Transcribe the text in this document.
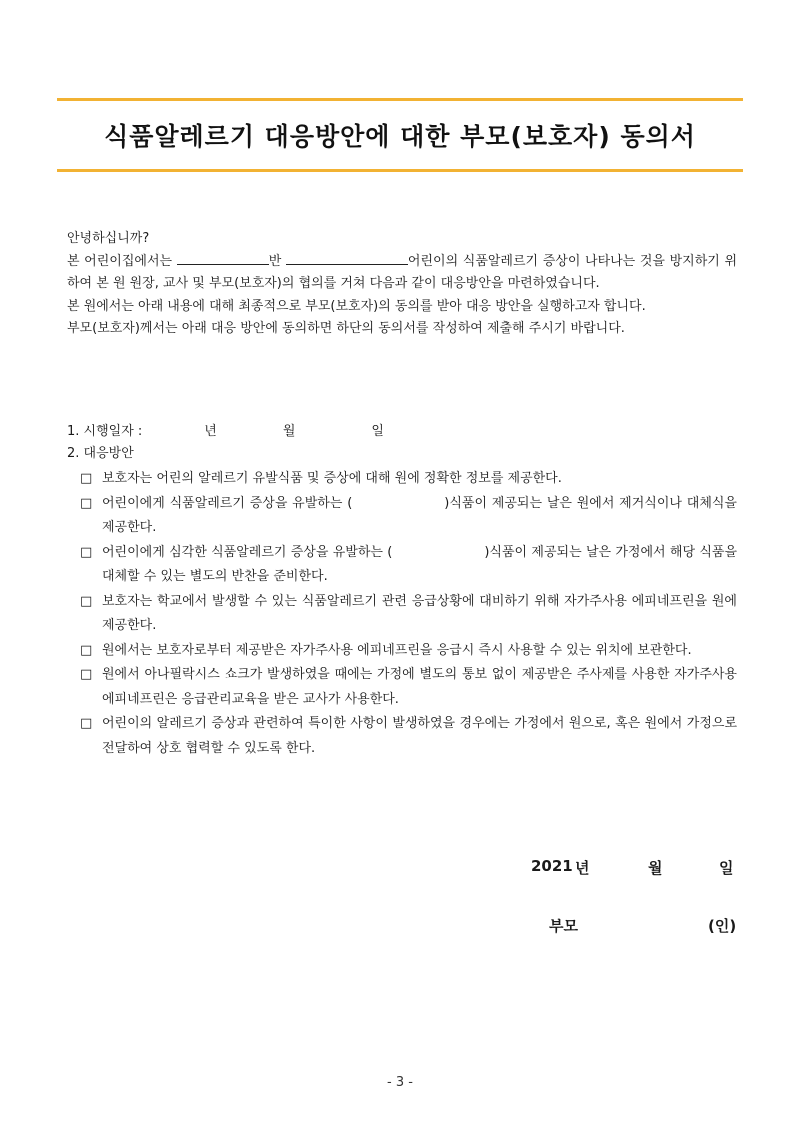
식품알레르기 대응방안에 대한 부모(보호자) 동의서

안녕하십니까?

본 어린이집에서는	반	어린이의 식품알레르기 증상이 나타나는 것을 방지하기 위하여 본 원 원장, 교사 및 부모(보호자)의 협의를 거쳐 다음과 같이 대응방안을 마련하였습니다.

본 원에서는 아래 내용에 대해 최종적으로 부모(보호자)의 동의를 받아 대응 방안을 실행하고자 합니다.

부모(보호자)께서는 아래 대응 방안에 동의하면 하단의 동의서를 작성하여 제출해 주시기 바랍니다.

1. 시행일자 :	년	월	일
2. 대응방안
□ 보호자는 어린의 알레르기 유발식품 및 증상에 대해 원에 정확한 정보를 제공한다.
□ 어린이에게 식품알레르기 증상을 유발하는 (	)식품이 제공되는 날은 원에서 제거식이나 대체식을 제공한다.
□ 어린이에게 심각한 식품알레르기 증상을 유발하는 (	)식품이 제공되는 날은 가정에서 해당 식품을 대체할 수 있는 별도의 반찬을 준비한다.
□ 보호자는 학교에서 발생할 수 있는 식품알레르기 관련 응급상황에 대비하기 위해 자가주사용 에피네프린을 원에 제공한다.
□ 원에서는 보호자로부터 제공받은 자가주사용 에피네프린을 응급시 즉시 사용할 수 있는 위치에 보관한다.
□ 원에서 아나필락시스 쇼크가 발생하였을 때에는 가정에 별도의 통보 없이 제공받은 주사제를 사용한 자가주사용 에피네프린은 응급관리교육을 받은 교사가 사용한다.
□ 어린이의 알레르기 증상과 관련하여 특이한 사항이 발생하였을 경우에는 가정에서 원으로, 혹은 원에서 가정으로 전달하여 상호 협력할 수 있도록 한다.
2021 년	월	일
부모	(인)
- 3 -
